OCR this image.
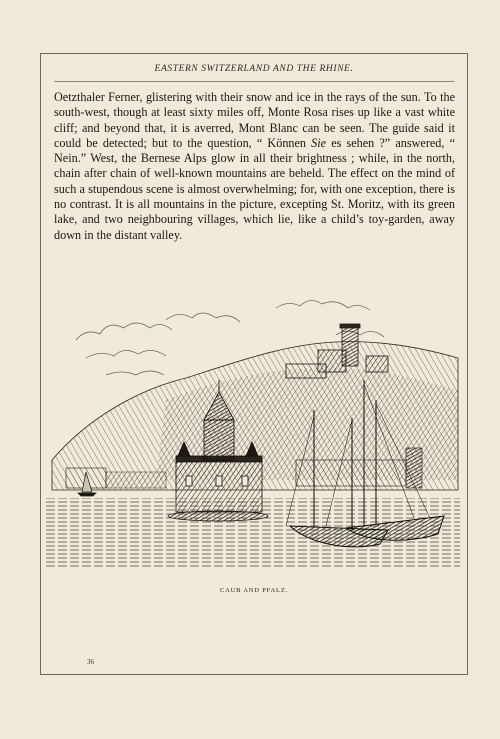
EASTERN SWITZERLAND AND THE RHINE.

Oetzthaler Ferner, glistering with their snow and ice in the rays of the sun. To the south-west, though at least sixty miles off, Monte Rosa rises up like a vast white cliff; and beyond that, it is averred, Mont Blanc can be seen. The guide said it could be detected; but to the question, “ Können Sie es sehen ?” answered, “ Nein.” West, the Bernese Alps glow in all their brightness ; while, in the north, chain after chain of well-known mountains are beheld. The effect on the mind of such a stupendous scene is almost overwhelming; for, with one exception, there is no contrast. It is all mountains in the picture, excepting St. Moritz, with its green lake, and two neighbouring villages, which lie, like a child’s toy-garden, away down in the distant valley.

CAUB AND PFALZ.
36
